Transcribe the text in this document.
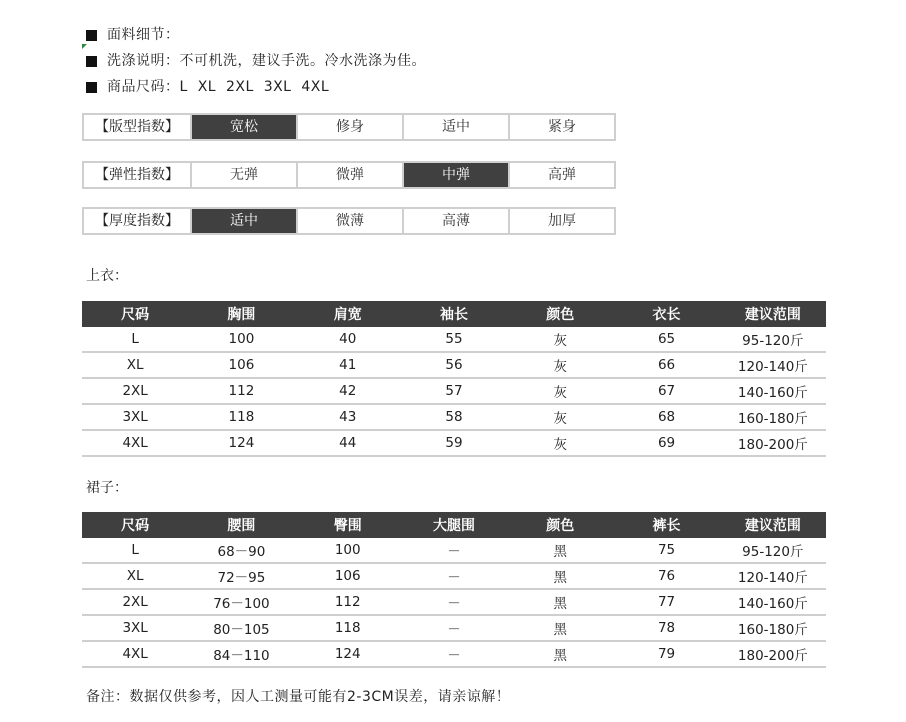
面料细节：
洗涤说明：不可机洗，建议手洗。冷水洗涤为佳。
商品尺码：L  XL  2XL  3XL  4XL
【版型指数】	宽松	修身	适中	紧身
【弹性指数】	无弹	微弹	中弹	高弹
【厚度指数】	适中	微薄	高薄	加厚
上衣：
尺码	胸围	肩宽	袖长	颜色	衣长	建议范围
L	100	40	55	灰	65	95-120斤
XL	106	41	56	灰	66	120-140斤
2XL	112	42	57	灰	67	140-160斤
3XL	118	43	58	灰	68	160-180斤
4XL	124	44	59	灰	69	180-200斤
裙子：
尺码	腰围	臀围	大腿围	颜色	裤长	建议范围
L	68－90	100	－	黑	75	95-120斤
XL	72－95	106	－	黑	76	120-140斤
2XL	76－100	112	－	黑	77	140-160斤
3XL	80－105	118	－	黑	78	160-180斤
4XL	84－110	124	－	黑	79	180-200斤
备注：数据仅供参考，因人工测量可能有2-3CM误差，请亲谅解！
